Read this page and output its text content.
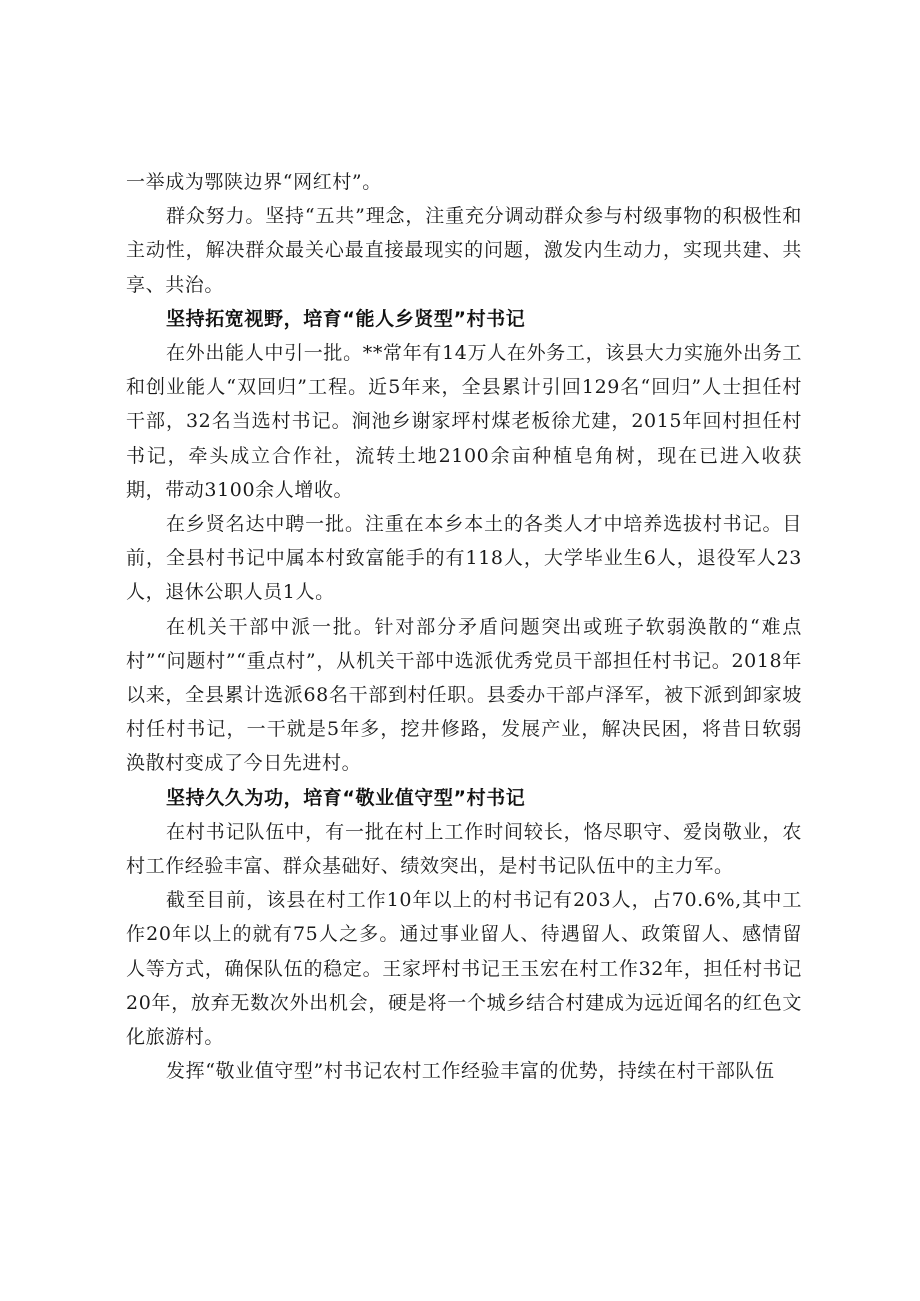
一举成为鄂陕边界“网红村”。

群众努力。坚持“五共”理念，注重充分调动群众参与村级事物的积极性和主动性，解决群众最关心最直接最现实的问题，激发内生动力，实现共建、共享、共治。

坚持拓宽视野，培育“能人乡贤型”村书记

在外出能人中引一批。**常年有14万人在外务工，该县大力实施外出务工和创业能人“双回归”工程。近5年来，全县累计引回129名“回归”人士担任村干部，32名当选村书记。涧池乡谢家坪村煤老板徐尤建，2015年回村担任村书记，牵头成立合作社，流转土地2100余亩种植皂角树，现在已进入收获期，带动3100余人增收。

在乡贤名达中聘一批。注重在本乡本土的各类人才中培养选拔村书记。目前，全县村书记中属本村致富能手的有118人，大学毕业生6人，退役军人23人，退休公职人员1人。

在机关干部中派一批。针对部分矛盾问题突出或班子软弱涣散的“难点村”“问题村”“重点村”，从机关干部中选派优秀党员干部担任村书记。2018年以来，全县累计选派68名干部到村任职。县委办干部卢泽军，被下派到卸家坡村任村书记，一干就是5年多，挖井修路，发展产业，解决民困，将昔日软弱涣散村变成了今日先进村。

坚持久久为功，培育“敬业值守型”村书记

在村书记队伍中，有一批在村上工作时间较长，恪尽职守、爱岗敬业，农村工作经验丰富、群众基础好、绩效突出，是村书记队伍中的主力军。

截至目前，该县在村工作10年以上的村书记有203人，占70.6%,其中工作20年以上的就有75人之多。通过事业留人、待遇留人、政策留人、感情留人等方式，确保队伍的稳定。王家坪村书记王玉宏在村工作32年，担任村书记20年，放弃无数次外出机会，硬是将一个城乡结合村建成为远近闻名的红色文化旅游村。

发挥“敬业值守型”村书记农村工作经验丰富的优势，持续在村干部队伍
